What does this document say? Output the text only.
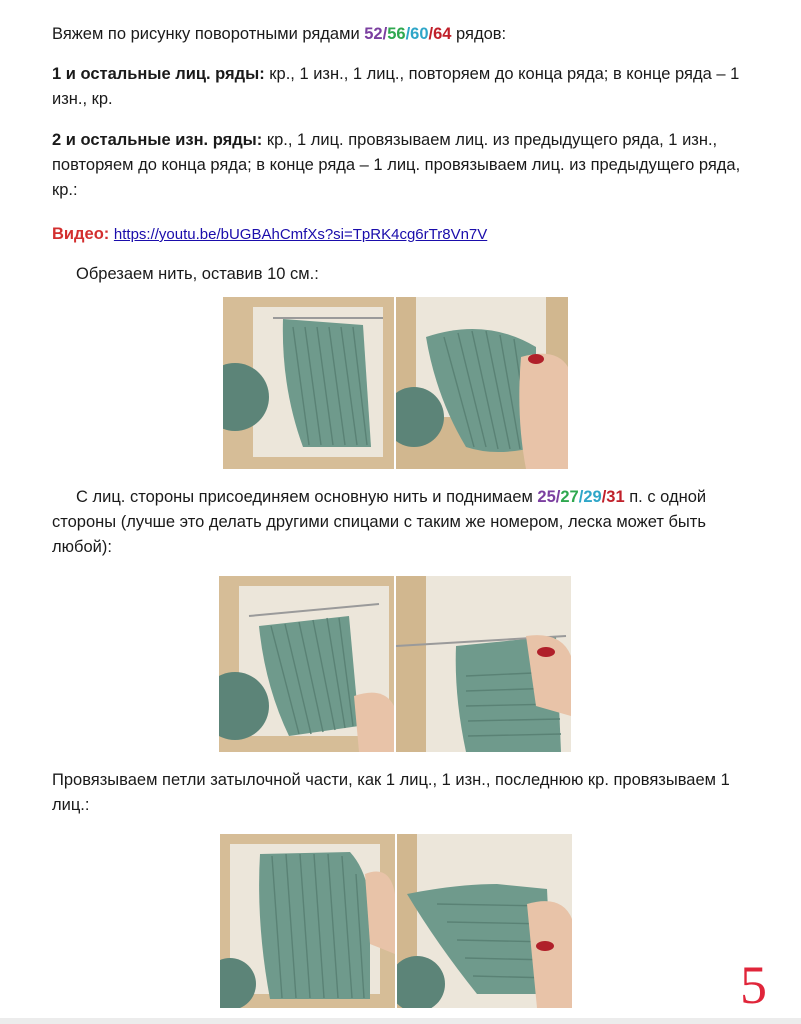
Вяжем по рисунку поворотными рядами 52/56/60/64 рядов:

1 и остальные лиц. ряды: кр., 1 изн., 1 лиц., повторяем до конца ряда; в конце ряда – 1 изн., кр.

2 и остальные изн. ряды: кр., 1 лиц. провязываем лиц. из предыдущего ряда, 1 изн., повторяем до конца ряда; в конце ряда – 1 лиц. провязываем лиц. из предыдущего ряда, кр.:

Видео: https://youtu.be/bUGBAhCmfXs?si=TpRK4cg6rTr8Vn7V

Обрезаем нить, оставив 10 см.:

С лиц. стороны присоединяем основную нить и поднимаем 25/27/29/31 п. с одной стороны (лучше это делать другими спицами с таким же номером, леска может быть любой):

Провязываем петли затылочной части, как 1 лиц., 1 изн., последнюю кр. провязываем 1 лиц.:

5
